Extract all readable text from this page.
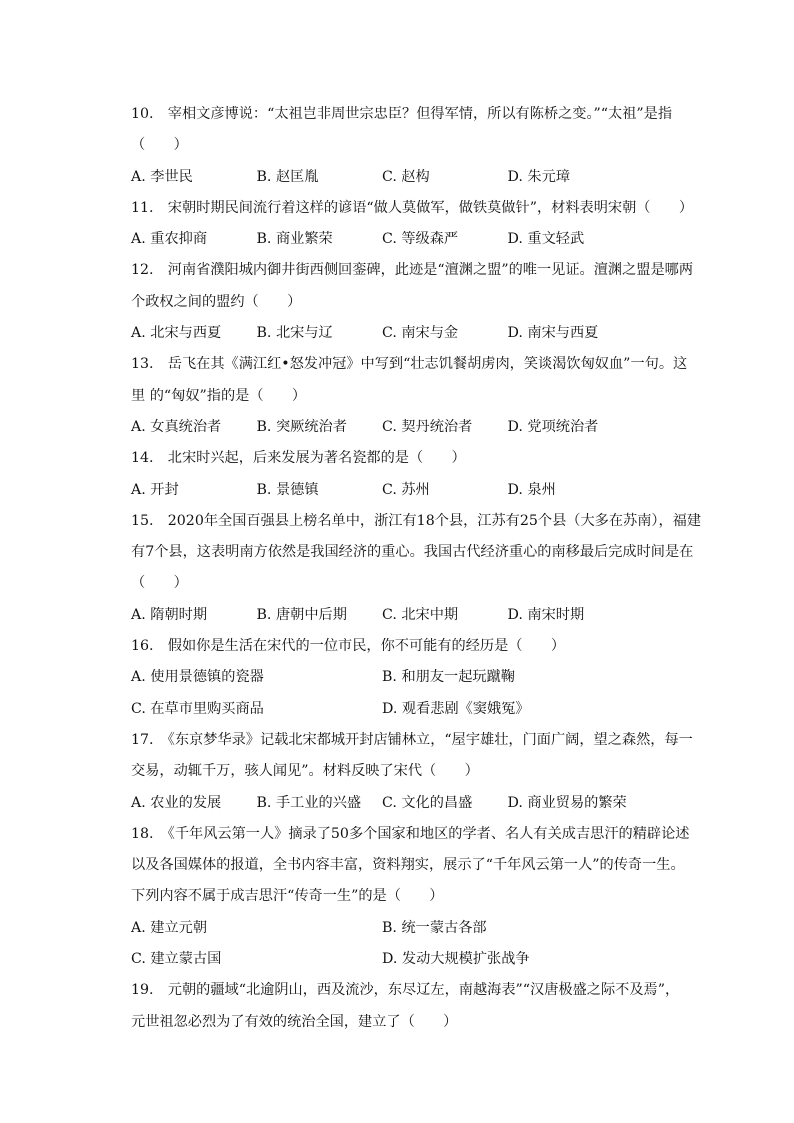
10.　宰相文彦博说：“太祖岂非周世宗忠臣？但得军情，所以有陈桥之变。”“太祖”是指
（　　）
A. 李世民	B. 赵匡胤	C. 赵构	D. 朱元璋
11.　宋朝时期民间流行着这样的谚语“做人莫做军，做铁莫做针”，材料表明宋朝（　　）
A. 重农抑商	B. 商业繁荣	C. 等级森严	D. 重文轻武
12.　河南省濮阳城内御井街西侧回銮碑，此迹是“澶渊之盟”的唯一见证。澶渊之盟是哪两
个政权之间的盟约（　　）
A. 北宋与西夏	B. 北宋与辽	C. 南宋与金	D. 南宋与西夏
13.　岳飞在其《满江红•怒发冲冠》中写到“壮志饥餐胡虏肉，笑谈渴饮匈奴血”一句。这
里 的“匈奴”指的是（　　）
A. 女真统治者	B. 突厥统治者	C. 契丹统治者	D. 党项统治者
14.　北宋时兴起，后来发展为著名瓷都的是（　　）
A. 开封	B. 景德镇	C. 苏州	D. 泉州
15.　2020年全国百强县上榜名单中，浙江有18个县，江苏有25个县（大多在苏南），福建
有7个县，这表明南方依然是我国经济的重心。我国古代经济重心的南移最后完成时间是在
（　　）
A. 隋朝时期	B. 唐朝中后期	C. 北宋中期	D. 南宋时期
16.　假如你是生活在宋代的一位市民，你不可能有的经历是（　　）
A. 使用景德镇的瓷器	B. 和朋友一起玩蹴鞠
C. 在草市里购买商品	D. 观看悲剧《窦娥冤》
17.　《东京梦华录》记载北宋都城开封店铺林立，“屋宇雄壮，门面广阔，望之森然，每一
交易，动辄千万，骇人闻见”。材料反映了宋代（　　）
A. 农业的发展	B. 手工业的兴盛	C. 文化的昌盛	D. 商业贸易的繁荣
18.　《千年风云第一人》摘录了50多个国家和地区的学者、名人有关成吉思汗的精辟论述
以及各国媒体的报道，全书内容丰富，资料翔实，展示了“千年风云第一人”的传奇一生。
下列内容不属于成吉思汗“传奇一生”的是（　　）
A. 建立元朝	B. 统一蒙古各部
C. 建立蒙古国	D. 发动大规模扩张战争
19.　元朝的疆域“北逾阴山，西及流沙，东尽辽左，南越海表”“汉唐极盛之际不及焉”，
元世祖忽必烈为了有效的统治全国，建立了（　　）
